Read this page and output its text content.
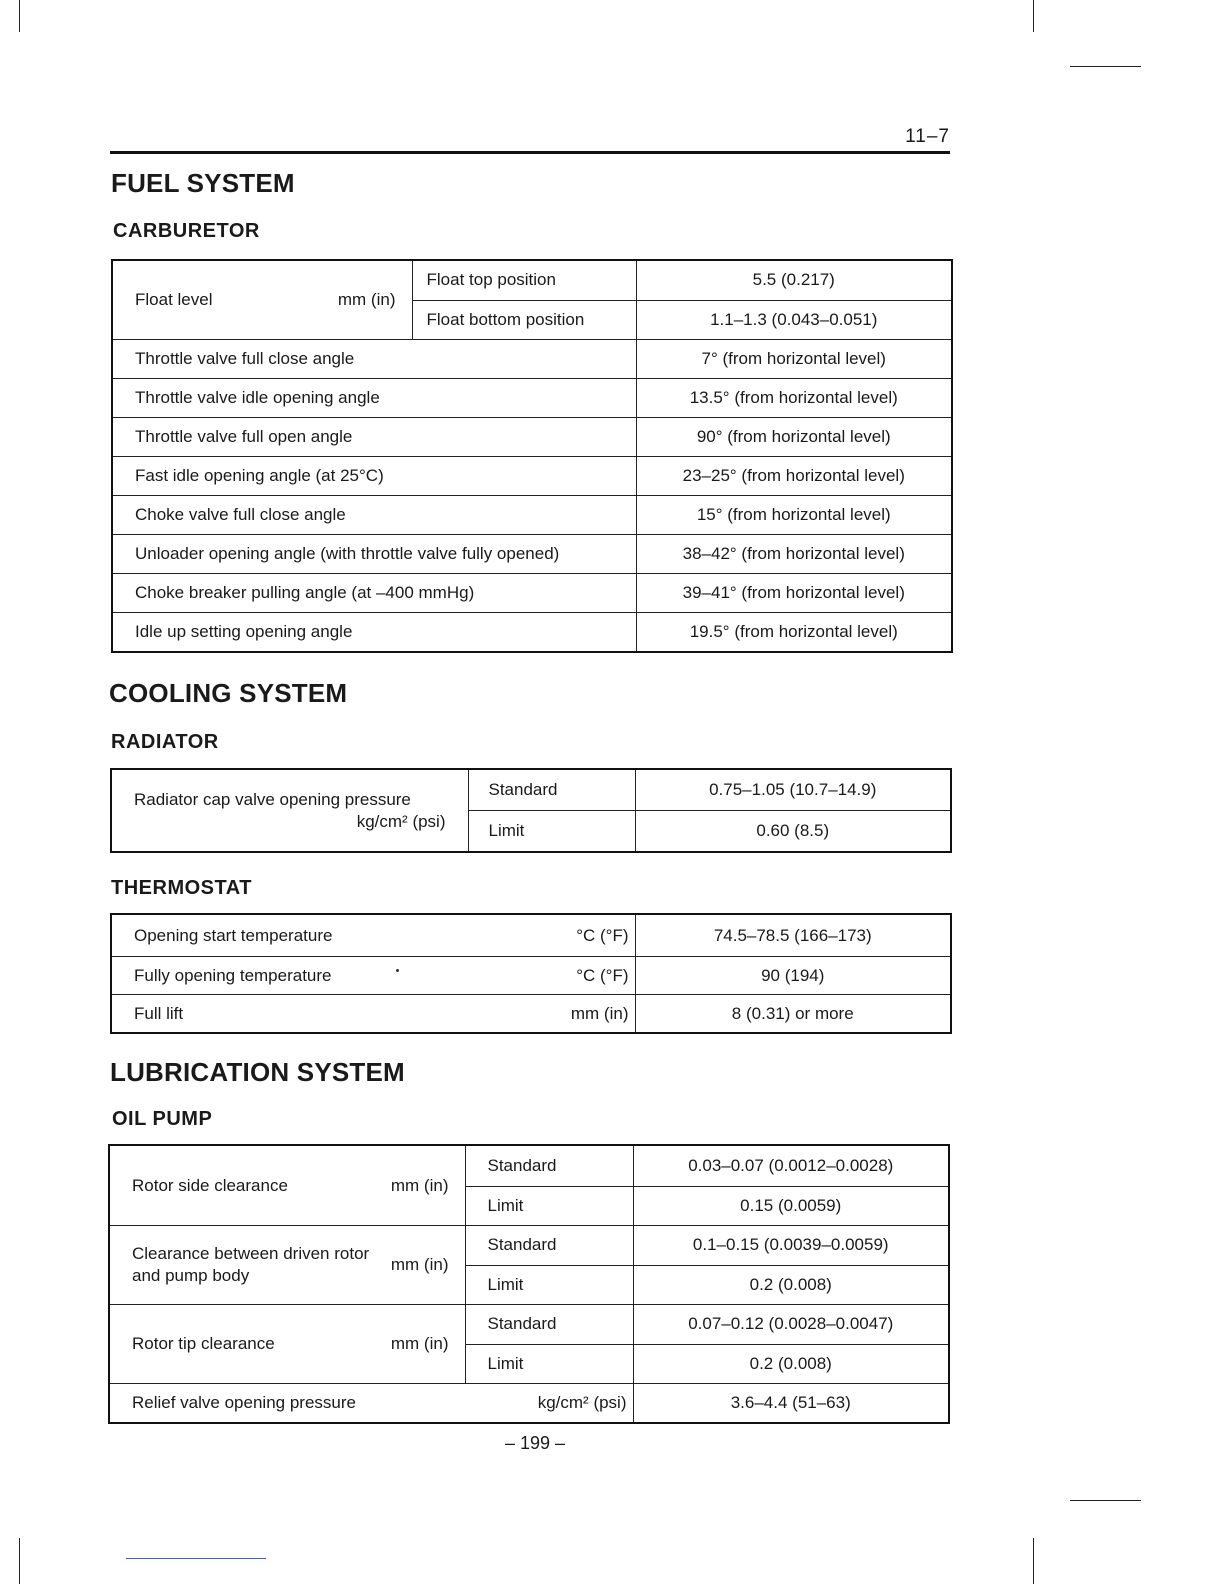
11–7
FUEL SYSTEM
CARBURETOR
Float level mm (in)	Float top position	5.5 (0.217)
	Float bottom position	1.1–1.3 (0.043–0.051)
Throttle valve full close angle		7° (from horizontal level)
Throttle valve idle opening angle		13.5° (from horizontal level)
Throttle valve full open angle		90° (from horizontal level)
Fast idle opening angle (at 25°C)		23–25° (from horizontal level)
Choke valve full close angle		15° (from horizontal level)
Unloader opening angle (with throttle valve fully opened)		38–42° (from horizontal level)
Choke breaker pulling angle (at –400 mmHg)		39–41° (from horizontal level)
Idle up setting opening angle		19.5° (from horizontal level)
COOLING SYSTEM
RADIATOR
Radiator cap valve opening pressure
kg/cm² (psi)	Standard	0.75–1.05 (10.7–14.9)
	Limit	0.60 (8.5)
THERMOSTAT
Opening start temperature °C (°F)	74.5–78.5 (166–173)
Fully opening temperature °C (°F)	90 (194)
Full lift mm (in)	8 (0.31) or more
LUBRICATION SYSTEM
OIL PUMP
Rotor side clearance mm (in)	Standard	0.03–0.07 (0.0012–0.0028)
	Limit	0.15 (0.0059)

Clearance between driven rotor
and pump body
mm (in)	Standard	0.1–0.15 (0.0039–0.0059)
	Limit	0.2 (0.008)
Rotor tip clearance mm (in)	Standard	0.07–0.12 (0.0028–0.0047)
	Limit	0.2 (0.008)
Relief valve opening pressure kg/cm² (psi)		3.6–4.4 (51–63)
– 199 –
